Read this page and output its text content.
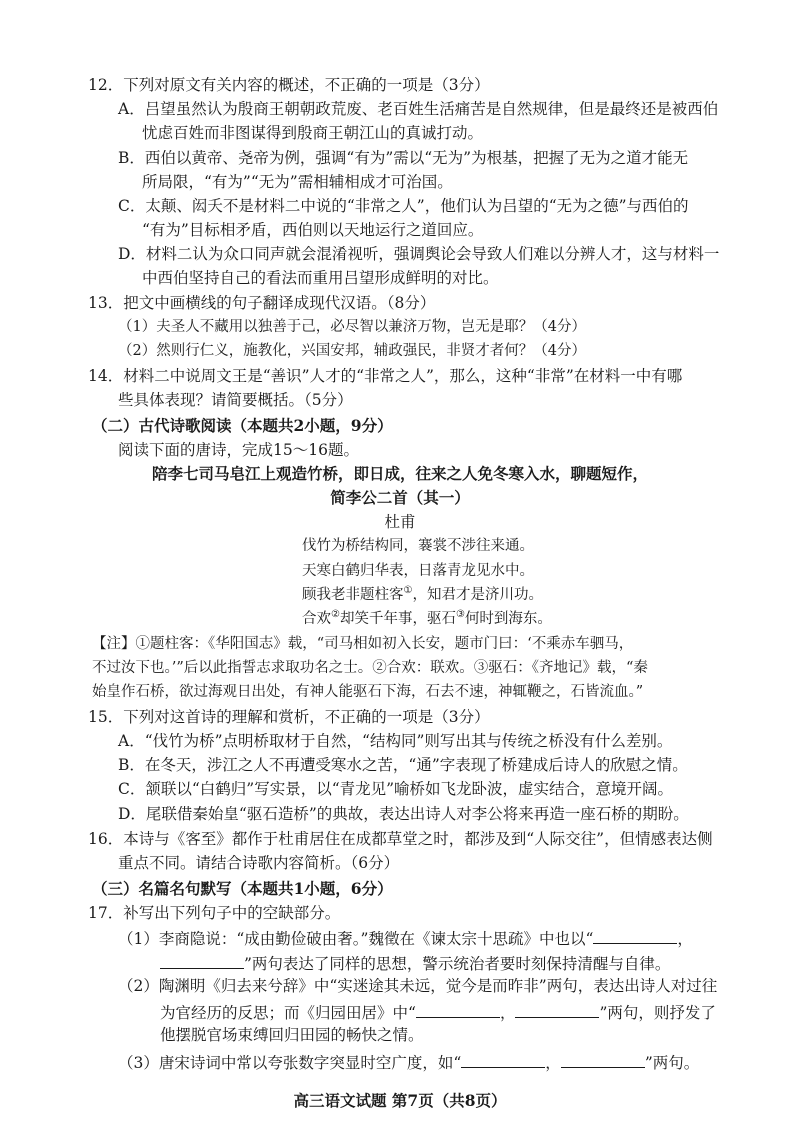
12．下列对原文有关内容的概述，不正确的一项是（3分）
A．吕望虽然认为殷商王朝朝政荒废、老百姓生活痛苦是自然规律，但是最终还是被西伯
忧虑百姓而非图谋得到殷商王朝江山的真诚打动。
B．西伯以黄帝、尧帝为例，强调“有为”需以“无为”为根基，把握了无为之道才能无
所局限，“有为”“无为”需相辅相成才可治国。
C．太颠、闳夭不是材料二中说的“非常之人”，他们认为吕望的“无为之德”与西伯的
“有为”目标相矛盾，西伯则以天地运行之道回应。
D．材料二认为众口同声就会混淆视听，强调舆论会导致人们难以分辨人才，这与材料一
中西伯坚持自己的看法而重用吕望形成鲜明的对比。
13．把文中画横线的句子翻译成现代汉语。（8分）
（1）夫圣人不藏用以独善于己，必尽智以兼济万物，岂无是耶？（4分）
（2）然则行仁义，施教化，兴国安邦，辅政强民，非贤才者何？（4分）
14．材料二中说周文王是“善识”人才的“非常之人”，那么，这种“非常”在材料一中有哪
些具体表现？请简要概括。（5分）
（二）古代诗歌阅读（本题共2小题，9分）
阅读下面的唐诗，完成15～16题。
陪李七司马皂江上观造竹桥，即日成，往来之人免冬寒入水，聊题短作，
简李公二首（其一）
杜甫
伐竹为桥结构同，褰裳不涉往来通。
天寒白鹤归华表，日落青龙见水中。
顾我老非题柱客①，知君才是济川功。
合欢②却笑千年事，驱石③何时到海东。
【注】①题柱客：《华阳国志》载，“司马相如初入长安，题市门曰：‘不乘赤车驷马，
不过汝下也。’”后以此指誓志求取功名之士。②合欢：联欢。③驱石：《齐地记》载，“秦
始皇作石桥，欲过海观日出处，有神人能驱石下海，石去不速，神辄鞭之，石皆流血。”
15．下列对这首诗的理解和赏析，不正确的一项是（3分）
A．“伐竹为桥”点明桥取材于自然，“结构同”则写出其与传统之桥没有什么差别。
B．在冬天，涉江之人不再遭受寒水之苦，“通”字表现了桥建成后诗人的欣慰之情。
C．颔联以“白鹤归”写实景，以“青龙见”喻桥如飞龙卧波，虚实结合，意境开阔。
D．尾联借秦始皇“驱石造桥”的典故，表达出诗人对李公将来再造一座石桥的期盼。
16．本诗与《客至》都作于杜甫居住在成都草堂之时，都涉及到“人际交往”，但情感表达侧
重点不同。请结合诗歌内容简析。（6分）
（三）名篇名句默写（本题共1小题，6分）
17．补写出下列句子中的空缺部分。
（1）李商隐说：“成由勤俭破由奢。”魏徵在《谏太宗十思疏》中也以“	，
”两句表达了同样的思想，警示统治者要时刻保持清醒与自律。
（2）陶渊明《归去来兮辞》中“实迷途其未远，觉今是而昨非”两句，表达出诗人对过往
为官经历的反思；而《归园田居》中“	，	”两句，则抒发了
他摆脱官场束缚回归田园的畅快之情。
（3）唐宋诗词中常以夸张数字突显时空广度，如“	，	”两句。
高三语文试题 第7页（共8页）
